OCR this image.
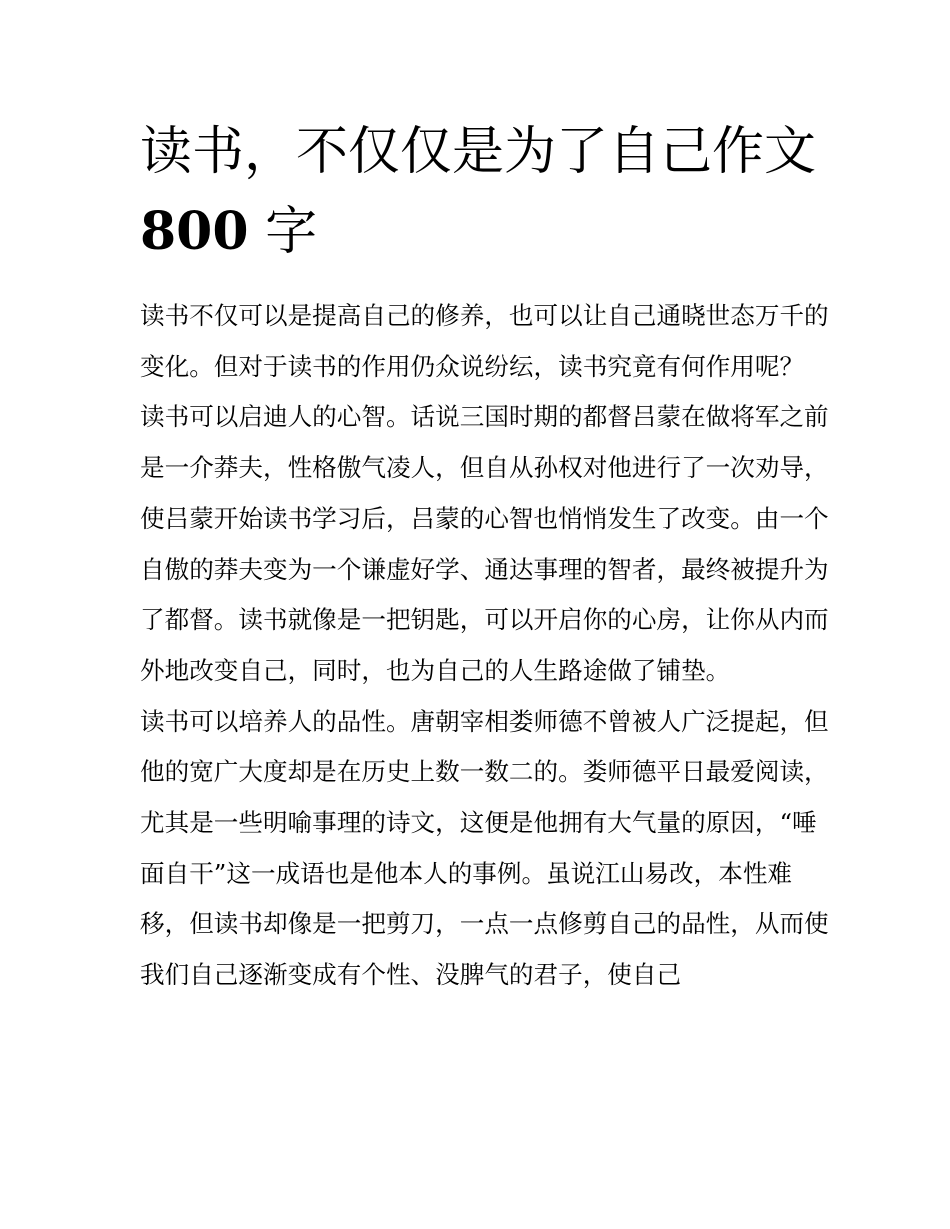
读书，不仅仅是为了自己作文
800 字

读书不仅可以是提高自己的修养，也可以让自己通晓世态万千的变化。但对于读书的作用仍众说纷纭，读书究竟有何作用呢？

读书可以启迪人的心智。话说三国时期的都督吕蒙在做将军之前是一介莽夫，性格傲气凌人，但自从孙权对他进行了一次劝导，使吕蒙开始读书学习后，吕蒙的心智也悄悄发生了改变。由一个自傲的莽夫变为一个谦虚好学、通达事理的智者，最终被提升为了都督。读书就像是一把钥匙，可以开启你的心房，让你从内而外地改变自己，同时，也为自己的人生路途做了铺垫。

读书可以培养人的品性。唐朝宰相娄师德不曾被人广泛提起，但他的宽广大度却是在历史上数一数二的。娄师德平日最爱阅读，尤其是一些明喻事理的诗文，这便是他拥有大气量的原因，“唾面自干”这一成语也是他本人的事例。虽说江山易改，本性难移，但读书却像是一把剪刀，一点一点修剪自己的品性，从而使我们自己逐渐变成有个性、没脾气的君子，使自己
